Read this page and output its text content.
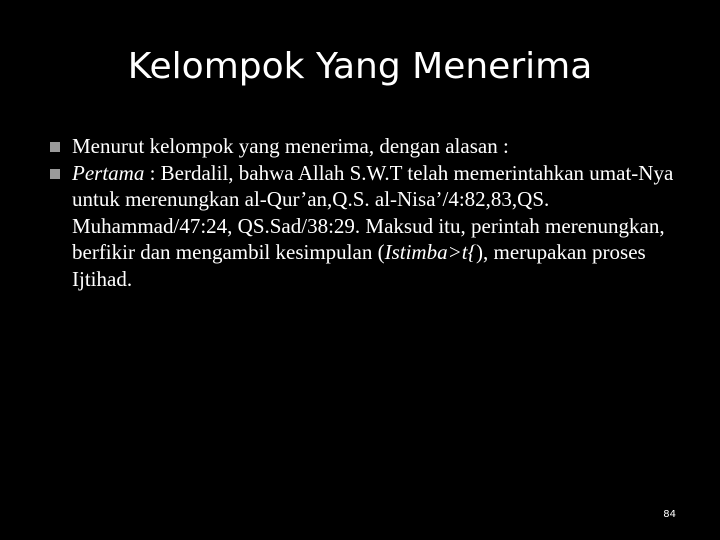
Kelompok Yang Menerima
Menurut kelompok yang menerima, dengan alasan :
Pertama : Berdalil, bahwa Allah S.W.T telah memerintahkan umat-Nya untuk merenungkan al-Qur’an,Q.S. al-Nisa’/4:82,83,QS. Muhammad/47:24, QS.Sad/38:29. Maksud itu, perintah merenungkan, berfikir dan mengambil kesimpulan (Istimba>t{), merupakan proses Ijtihad.
84
